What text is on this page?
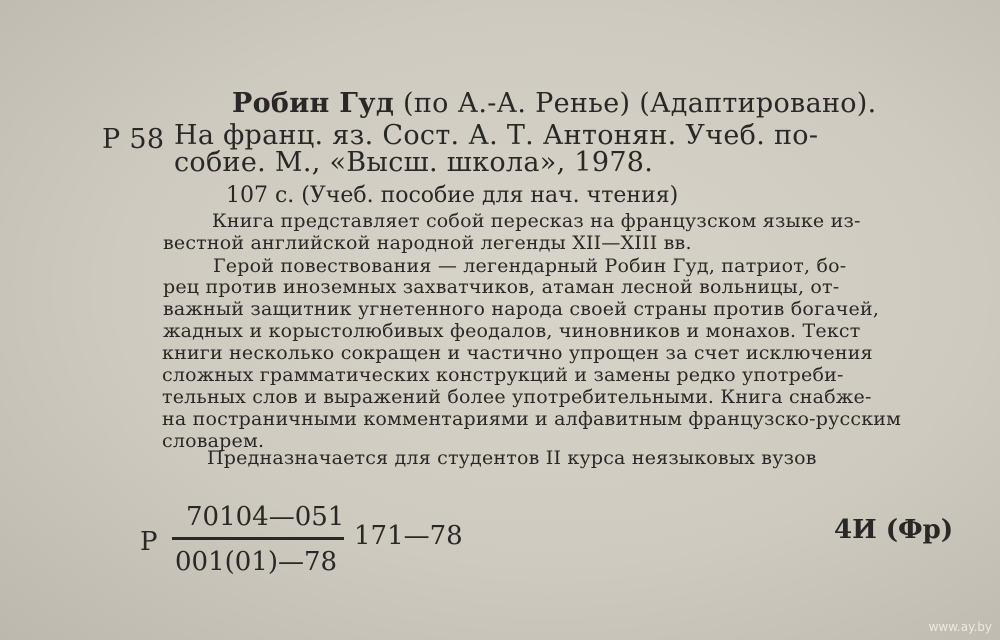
Робин Гуд (по А.-А. Ренье) (Адаптировано).
Р 58 На франц. яз. Сост. А. Т. Антонян. Учеб. по-
собие. М., «Высш. школа», 1978.
107 с. (Учеб. пособие для нач. чтения)
Книга представляет собой пересказ на французском языке из-
вестной английской народной легенды XII—XIII вв.
Герой повествования — легендарный Робин Гуд, патриот, бо-
рец против иноземных захватчиков, атаман лесной вольницы, от-
важный защитник угнетенного народа своей страны против богачей,
жадных и корыстолюбивых феодалов, чиновников и монахов. Текст
книги несколько сокращен и частично упрощен за счет исключения
сложных грамматических конструкций и замены редко употреби-
тельных слов и выражений более употребительными. Книга снабже-
на постраничными комментариями и алфавитным французско-русским
словарем.
Предназначается для студентов II курса неязыковых вузов
Р
70104—051
001(01)—78
171—78	4И (Фр)
www.ay.by
